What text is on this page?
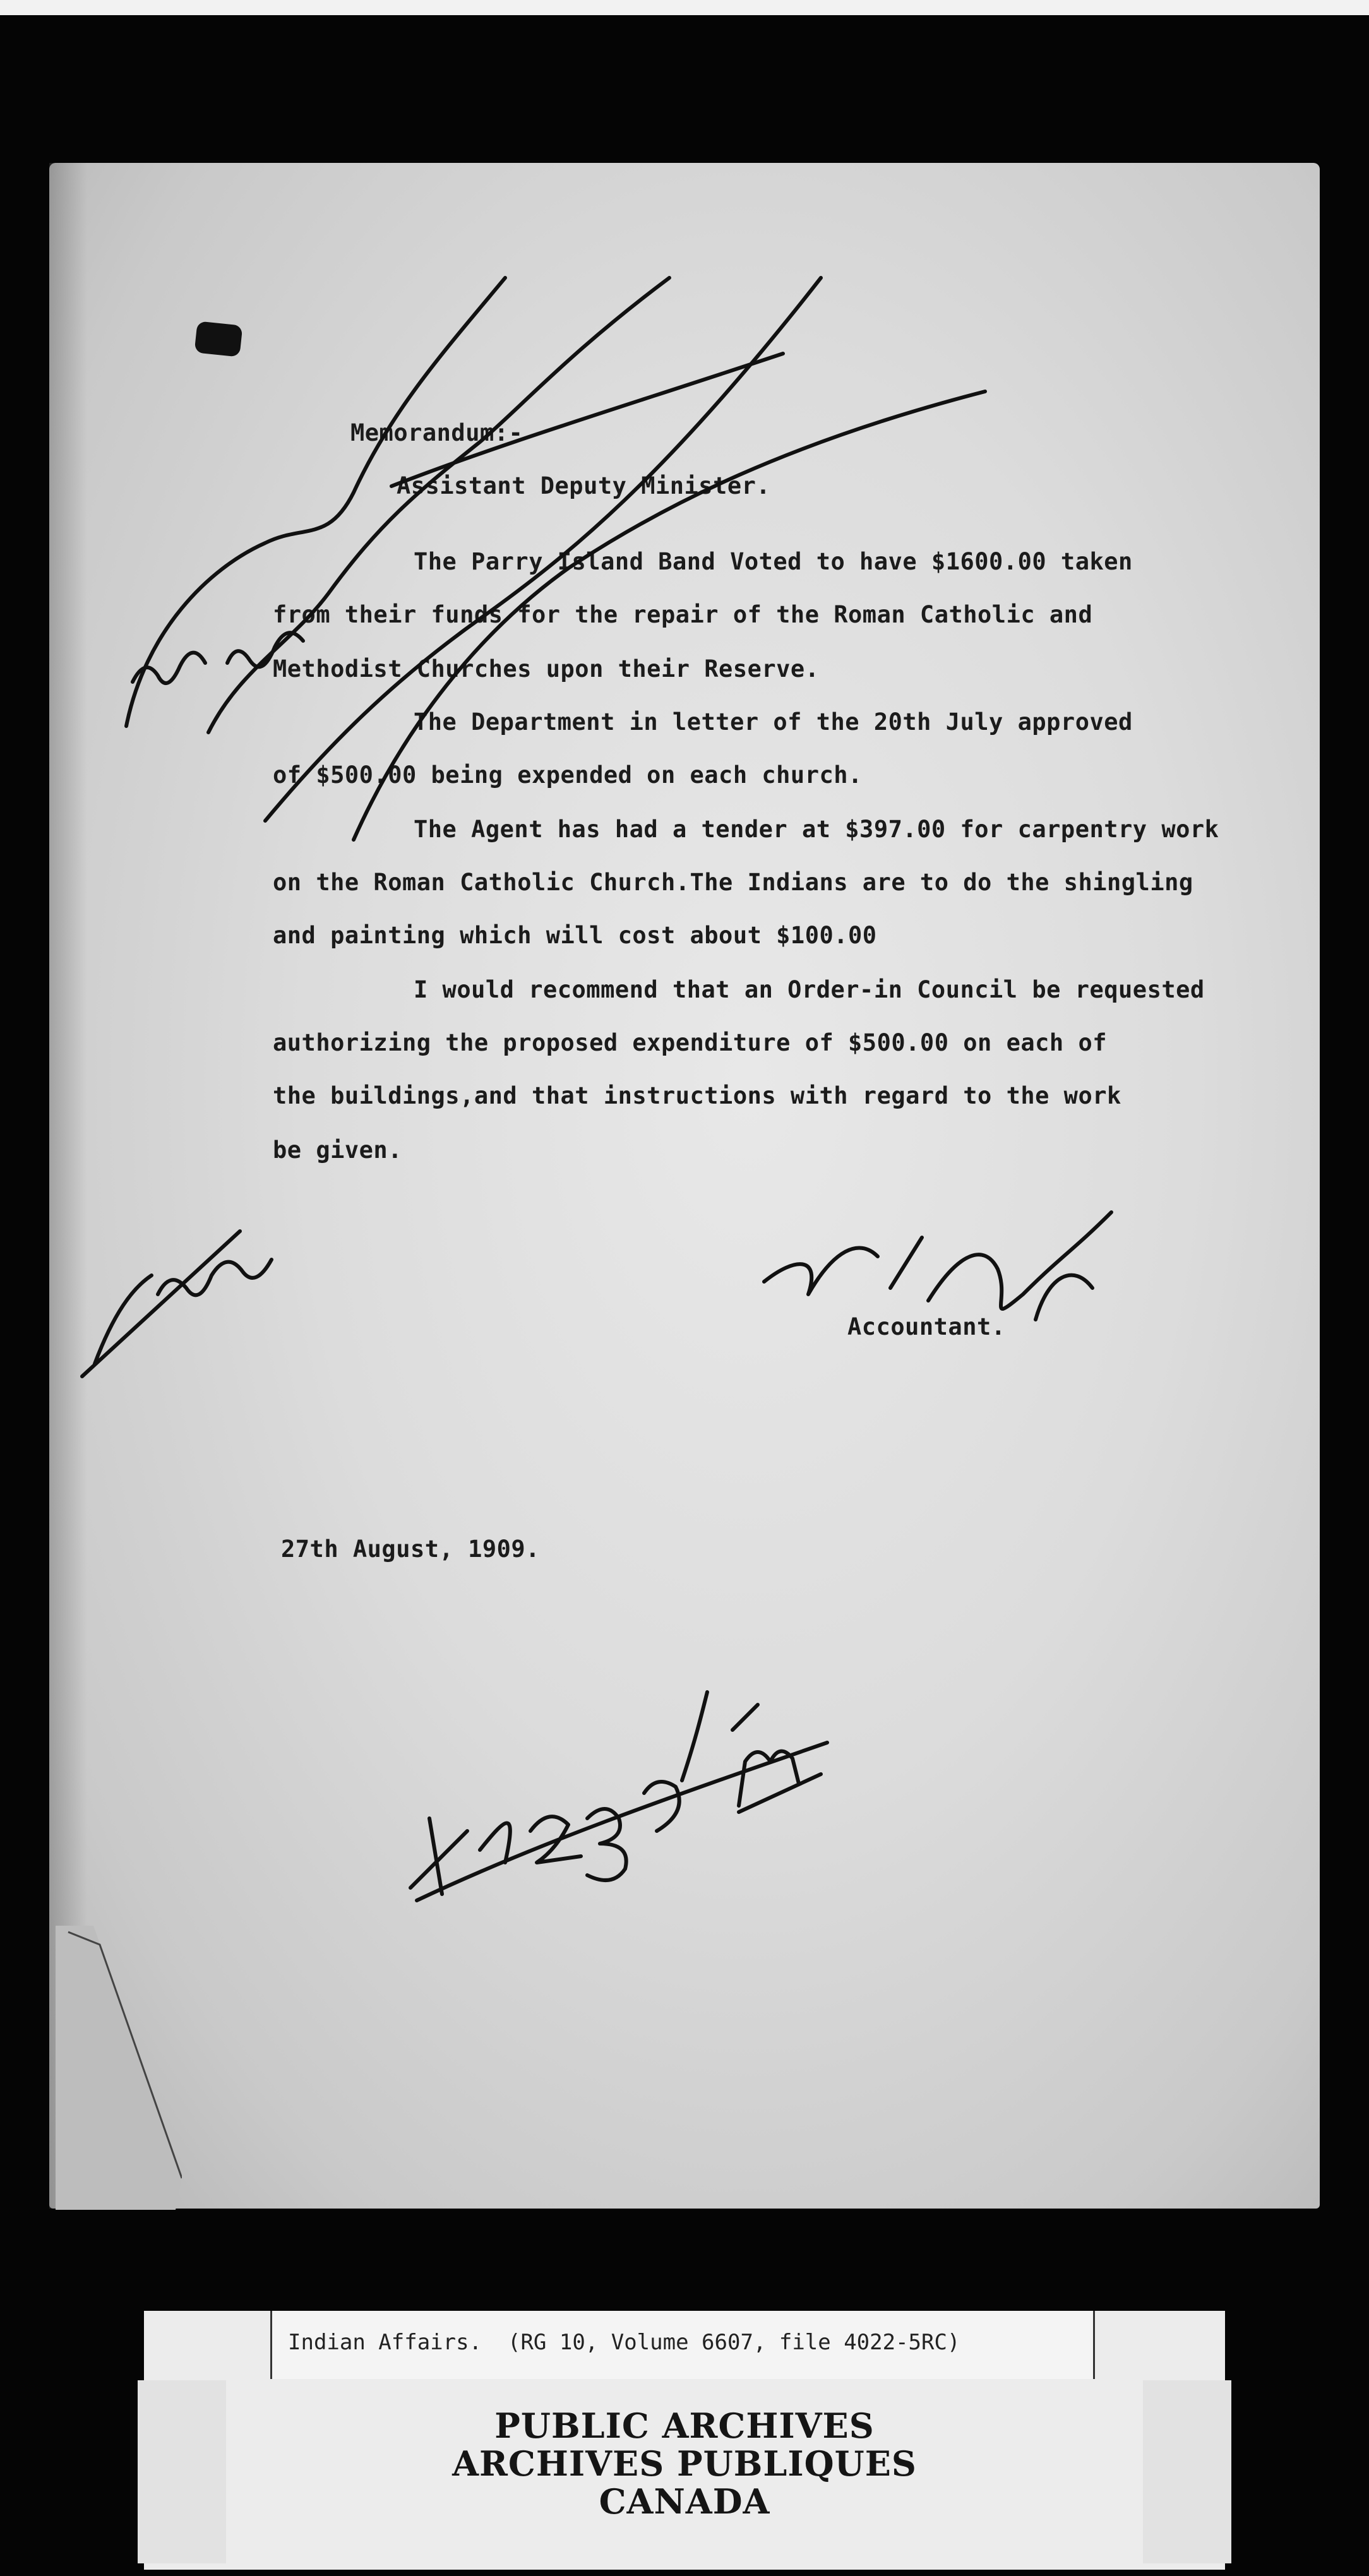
Memorandum:-

Assistant Deputy Minister.

The Parry Island Band Voted to have $1600.00 taken

from their funds for the repair of the Roman Catholic and

Methodist Churches upon their Reserve.

The Department in letter of the 20th July approved

of $500.00 being expended on each church.

The Agent has had a tender at $397.00 for carpentry work

on the Roman Catholic Church.The Indians are to do the shingling

and painting which will cost about $100.00

I would recommend that an Order-in Council be requested

authorizing the proposed expenditure of $500.00 on each of

the buildings,and that instructions with regard to the work

be given.

Accountant.

27th August, 1909.

Indian Affairs.  (RG 10, Volume 6607, file 4022-5RC)

PUBLIC ARCHIVES

ARCHIVES PUBLIQUES

CANADA
